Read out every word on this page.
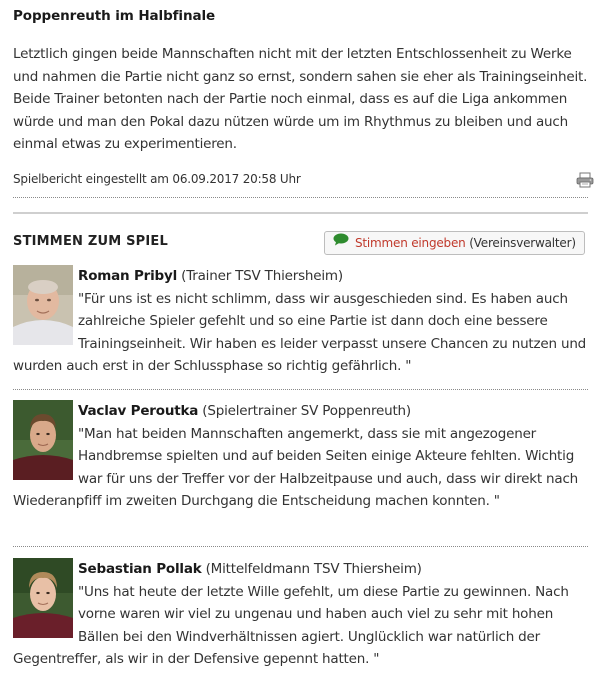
Poppenreuth im Halbfinale
Letztlich gingen beide Mannschaften nicht mit der letzten Entschlossenheit zu Werke und nahmen die Partie nicht ganz so ernst, sondern sahen sie eher als Trainingseinheit. Beide Trainer betonten nach der Partie noch einmal, dass es auf die Liga ankommen würde und man den Pokal dazu nützen würde um im Rhythmus zu bleiben und auch einmal etwas zu experimentieren.
Spielbericht eingestellt am 06.09.2017 20:58 Uhr
STIMMEN ZUM SPIEL	Stimmen eingeben (Vereinsverwalter)
Roman Pribyl (Trainer TSV Thiersheim)
"Für uns ist es nicht schlimm, dass wir ausgeschieden sind. Es haben auch zahlreiche Spieler gefehlt und so eine Partie ist dann doch eine bessere Trainingseinheit. Wir haben es leider verpasst unsere Chancen zu nutzen und wurden auch erst in der Schlussphase so richtig gefährlich. "
Vaclav Peroutka (Spielertrainer SV Poppenreuth)
"Man hat beiden Mannschaften angemerkt, dass sie mit angezogener Handbremse spielten und auf beiden Seiten einige Akteure fehlten. Wichtig war für uns der Treffer vor der Halbzeitpause und auch, dass wir direkt nach Wiederanpfiff im zweiten Durchgang die Entscheidung machen konnten. "
Sebastian Pollak (Mittelfeldmann TSV Thiersheim)
"Uns hat heute der letzte Wille gefehlt, um diese Partie zu gewinnen. Nach vorne waren wir viel zu ungenau und haben auch viel zu sehr mit hohen Bällen bei den Windverhältnissen agiert. Unglücklich war natürlich der Gegentreffer, als wir in der Defensive gepennt hatten. "
